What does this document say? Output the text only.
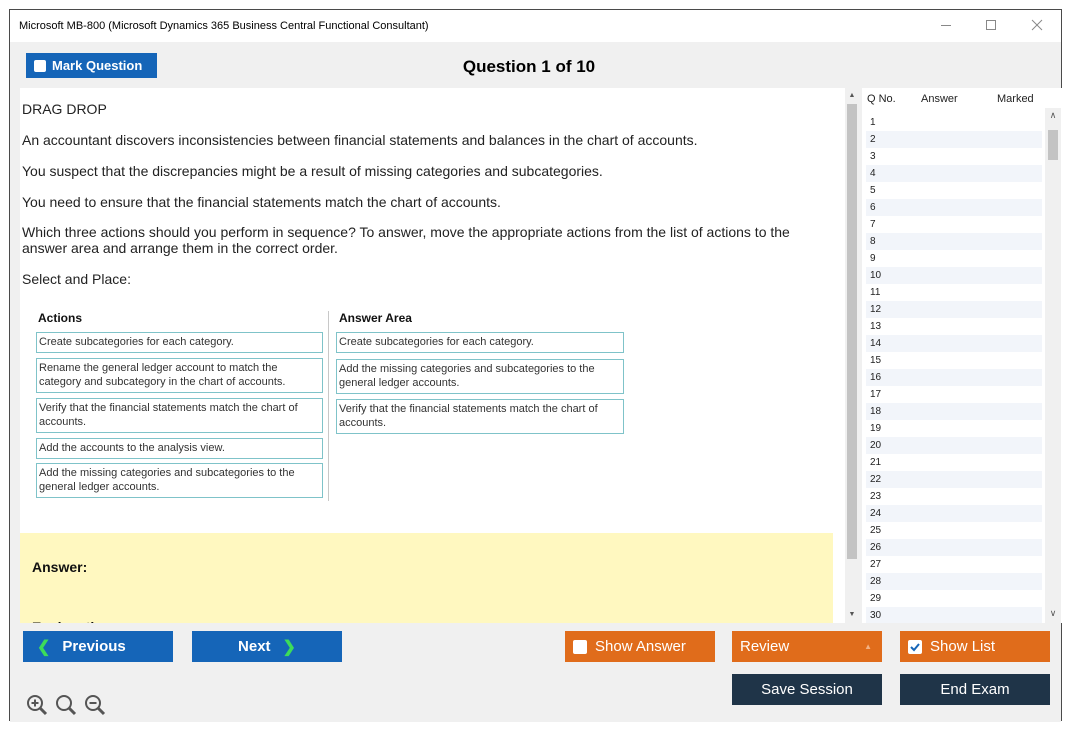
Microsoft MB-800 (Microsoft Dynamics 365 Business Central Functional Consultant)
Mark Question	Question 1 of 10

DRAG DROP

An accountant discovers inconsistencies between financial statements and balances in the chart of accounts.

You suspect that the discrepancies might be a result of missing categories and subcategories.

You need to ensure that the financial statements match the chart of accounts.

Which three actions should you perform in sequence? To answer, move the appropriate actions from the list of actions to the answer area and arrange them in the correct order.

Select and Place:

Actions	Answer Area
Create subcategories for each category.
Rename the general ledger account to match the category and subcategory in the chart of accounts.
Verify that the financial statements match the chart of accounts.
Add the accounts to the analysis view.
Add the missing categories and subcategories to the general ledger accounts.
Create subcategories for each category.
Add the missing categories and subcategories to the general ledger accounts.
Verify that the financial statements match the chart of accounts.
Answer:
▲
▼
Q No. Answer	Marked
1
2
3
4
5
6
7
8
9
10
11
12
13
14
15
16
17
18
19
20
21
22
23
24
25
26
27
28
29
30
∧
∨
❮ Previous	Next ❯	Show Answer	Review	▲	Show List
Save Session	End Exam
